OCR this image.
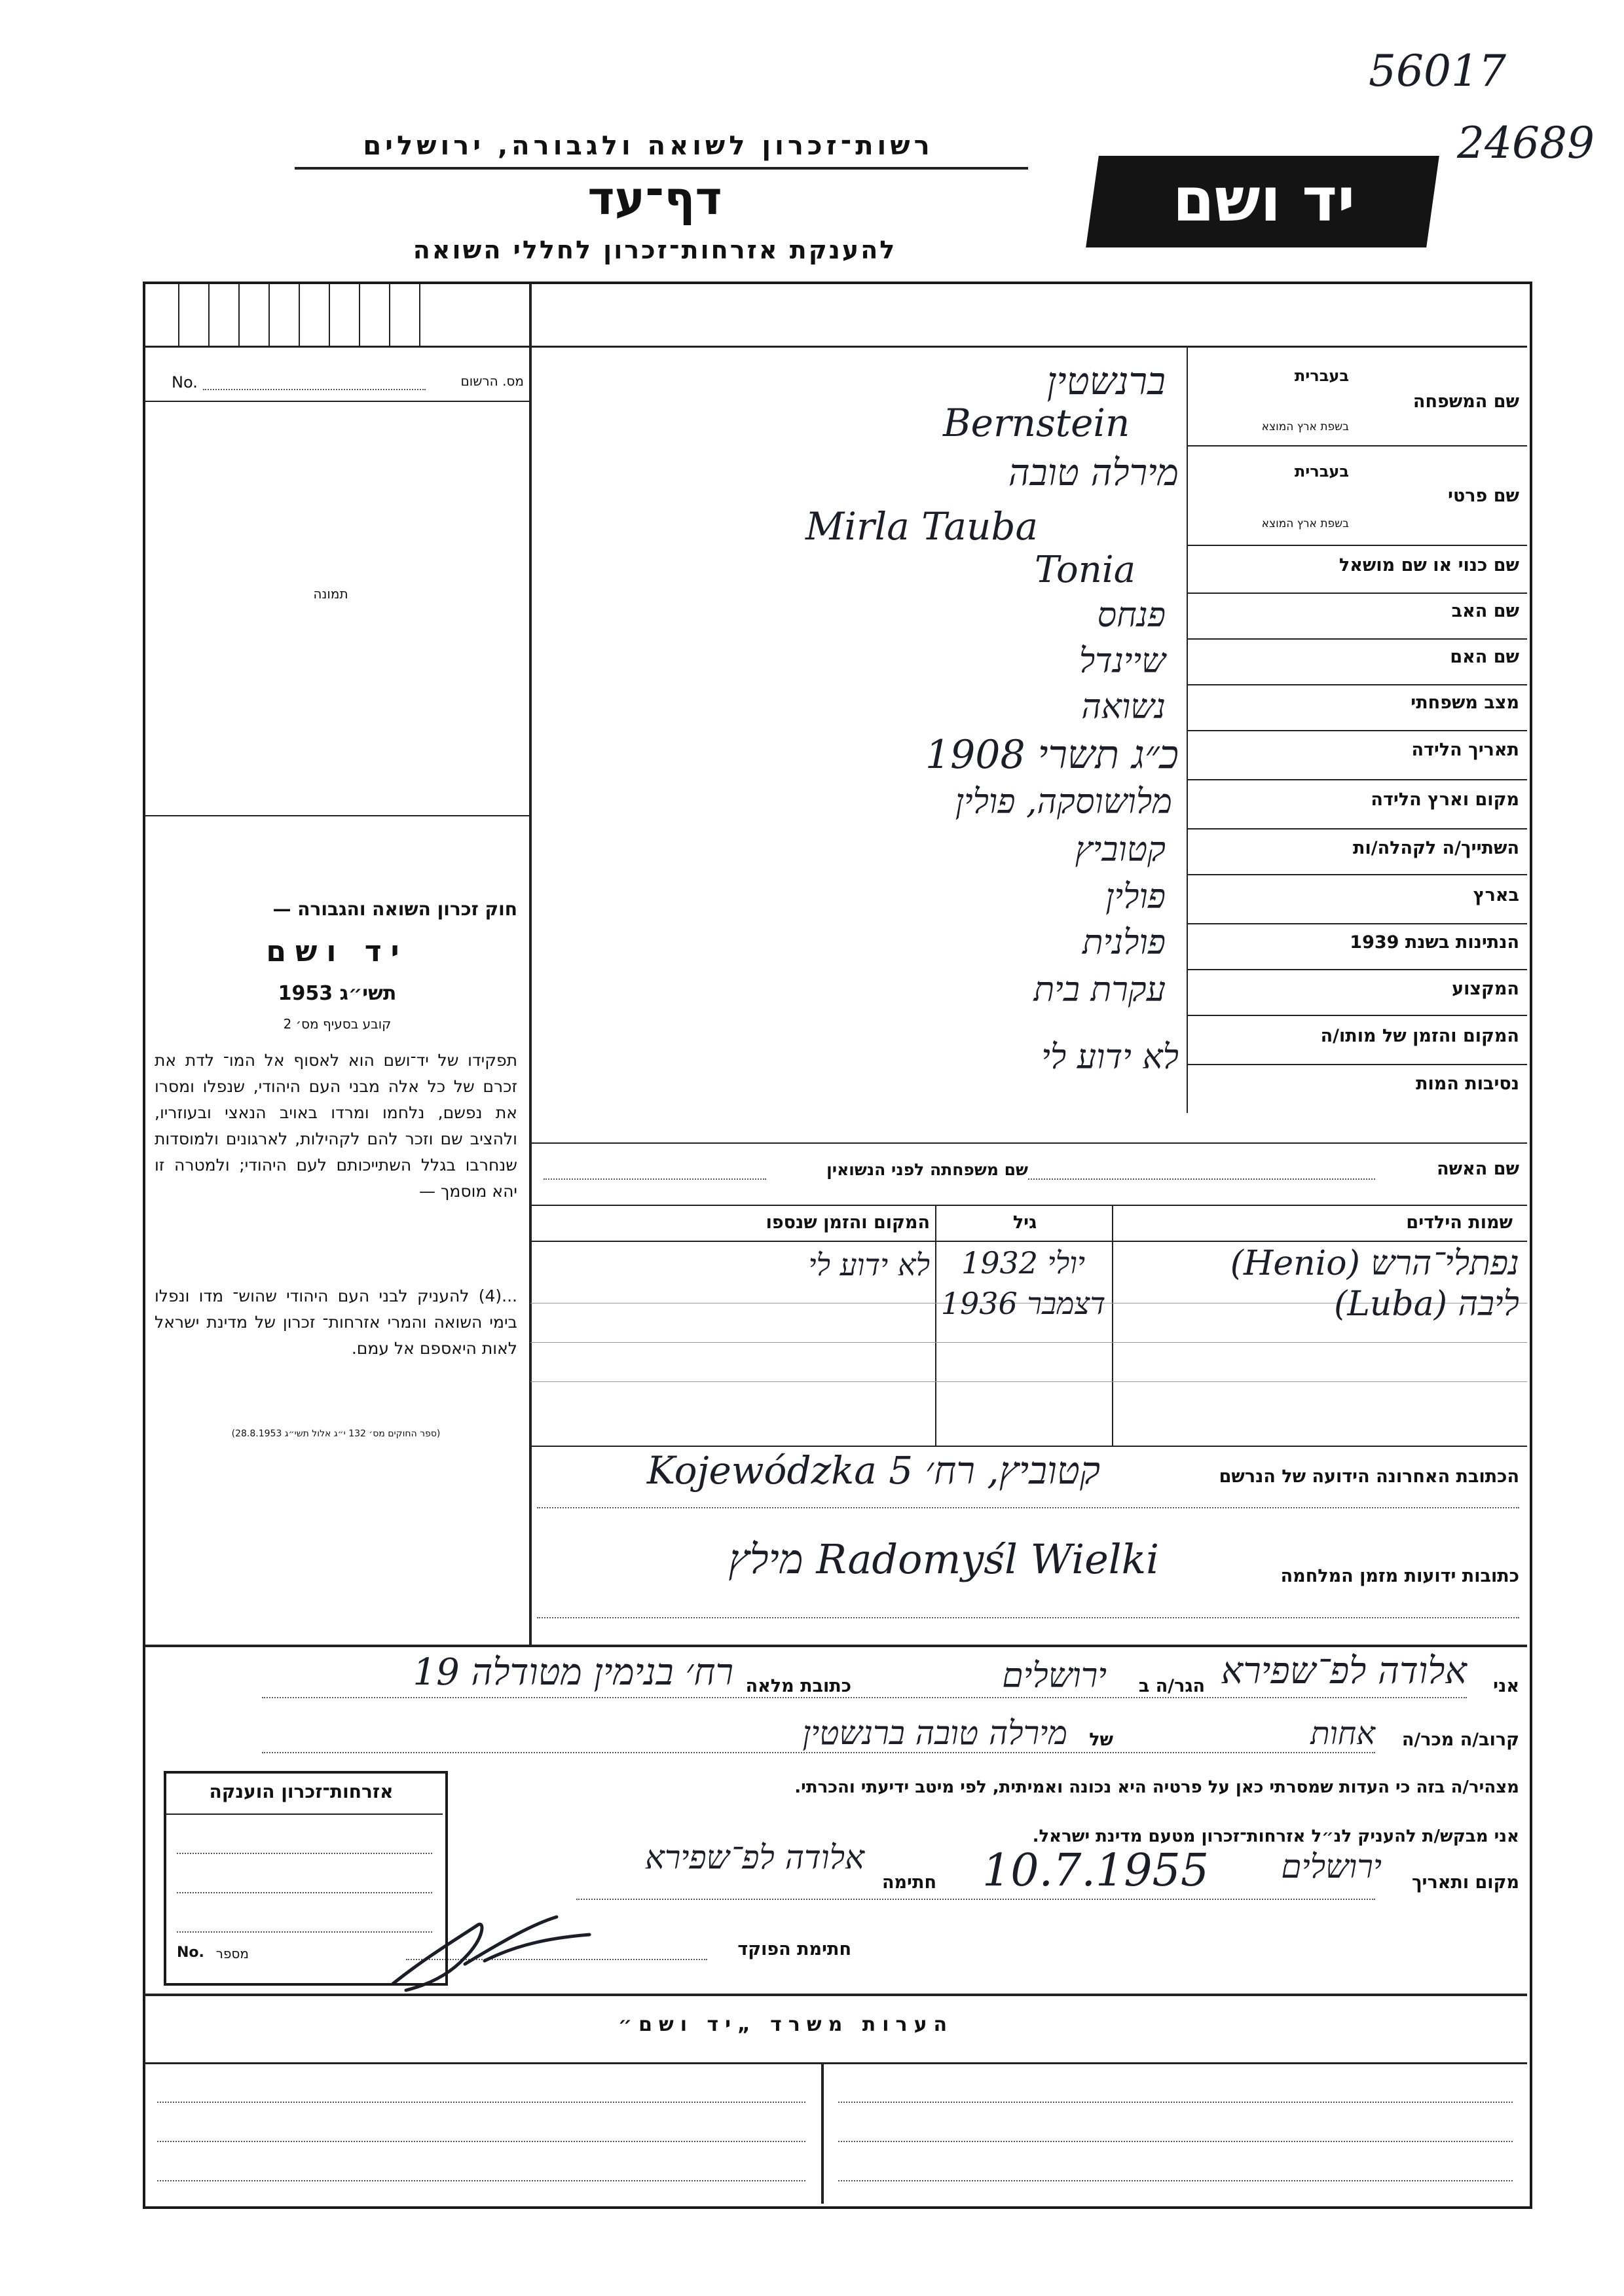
56017
24689
רשות־זכרון לשואה ולגבורה, ירושלים
דף־עד
להענקת אזרחות־זכרון לחללי השואה
יד ושם
No.	מס. הרשום
תמונה
חוק זכרון השואה והגבורה —
יד ושם
תשי״ג 1953
קובע בסעיף מס׳ 2
תפקידו של יד־ושם הוא לאסוף אל המו־ לדת את זכרם של כל אלה מבני העם היהודי, שנפלו ומסרו את נפשם, נלחמו ומרדו באויב הנאצי ובעוזריו, ולהציב שם וזכר להם לקהילות, לארגונים ולמוסדות שנחרבו בגלל השתייכותם לעם היהודי; ולמטרה זו יהא מוסמך —
...(4) להעניק לבני העם היהודי שהוש־ מדו ונפלו בימי השואה והמרי אזרחות־ זכרון של מדינת ישראל לאות היאספם אל עמם.
(ספר החוקים מס׳ 132 י״ג אלול תשי״ג 28.8.1953)
שם המשפחה
בעברית
בשפת ארץ המוצא
שם פרטי
בעברית
בשפת ארץ המוצא
שם כנוי או שם מושאל
שם האב
שם האם
מצב משפחתי
תאריך הלידה
מקום וארץ הלידה
השתייך/ה לקהלה/ות
בארץ
הנתינות בשנת 1939
המקצוע
המקום והזמן של מותו/ה
נסיבות המות
ברנשטין
Bernstein
מירלה טובה
Mirla Tauba
Tonia
פנחס
שיינדל
נשואה
כ״ג תשרי 1908
מלושוסקה, פולין
קטוביץ
פולין
פולנית
עקרת בית
לא ידוע לי
שם האשה
שם משפחתה לפני הנשואין
שמות הילדים
גיל
המקום והזמן שנספו
נפתלי־הרש (Henio)
יולי 1932
לא ידוע לי
ליבה (Luba)
דצמבר 1936
הכתובת האחרונה הידועה של הנרשם
קטוביץ, רח׳ Kojewódzka 5
כתובות ידועות מזמן המלחמה
Radomyśl Wielki מילץ
אני
אלודה לפ־שפירא
הגר/ה ב
ירושלים
כתובת מלאה
רח׳ בנימין מטודלה 19
קרוב/ה מכר/ה
אחות
של
מירלה טובה ברנשטין
מצהיר/ה בזה כי העדות שמסרתי כאן על פרטיה היא נכונה ואמיתית, לפי מיטב ידיעתי והכרתי.
אני מבקש/ת להעניק לנ״ל אזרחות־זכרון מטעם מדינת ישראל.
מקום ותאריך
ירושלים
10.7.1955
חתימה
אלודה לפ־שפירא
חתימת הפוקד
אזרחות־זכרון הוענקה
No. מספר
הערות משרד „יד ושם״
